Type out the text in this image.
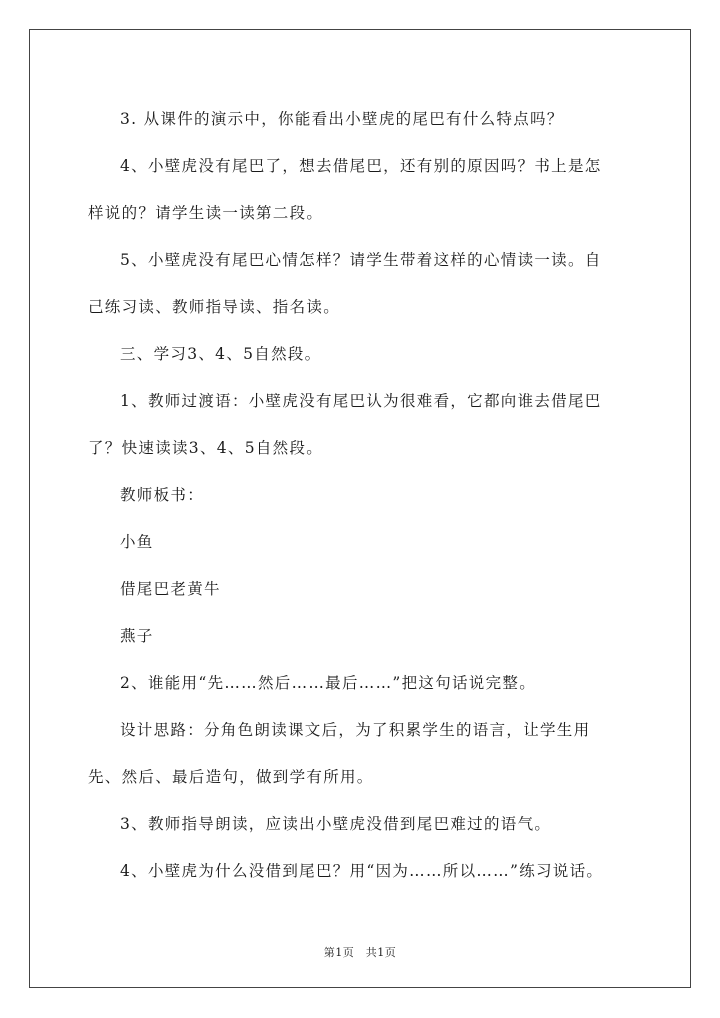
3. 从课件的演示中，你能看出小壁虎的尾巴有什么特点吗？
4、小壁虎没有尾巴了，想去借尾巴，还有别的原因吗？书上是怎
样说的？请学生读一读第二段。
5、小壁虎没有尾巴心情怎样？请学生带着这样的心情读一读。自
己练习读、教师指导读、指名读。
三、学习3、4、5自然段。
1、教师过渡语：小壁虎没有尾巴认为很难看，它都向谁去借尾巴
了？快速读读3、4、5自然段。
教师板书：
小鱼
借尾巴老黄牛
燕子
2、谁能用“先……然后……最后……”把这句话说完整。
设计思路：分角色朗读课文后，为了积累学生的语言，让学生用
先、然后、最后造句，做到学有所用。
3、教师指导朗读，应读出小壁虎没借到尾巴难过的语气。
4、小壁虎为什么没借到尾巴？用“因为……所以……”练习说话。
第1页　共1页
